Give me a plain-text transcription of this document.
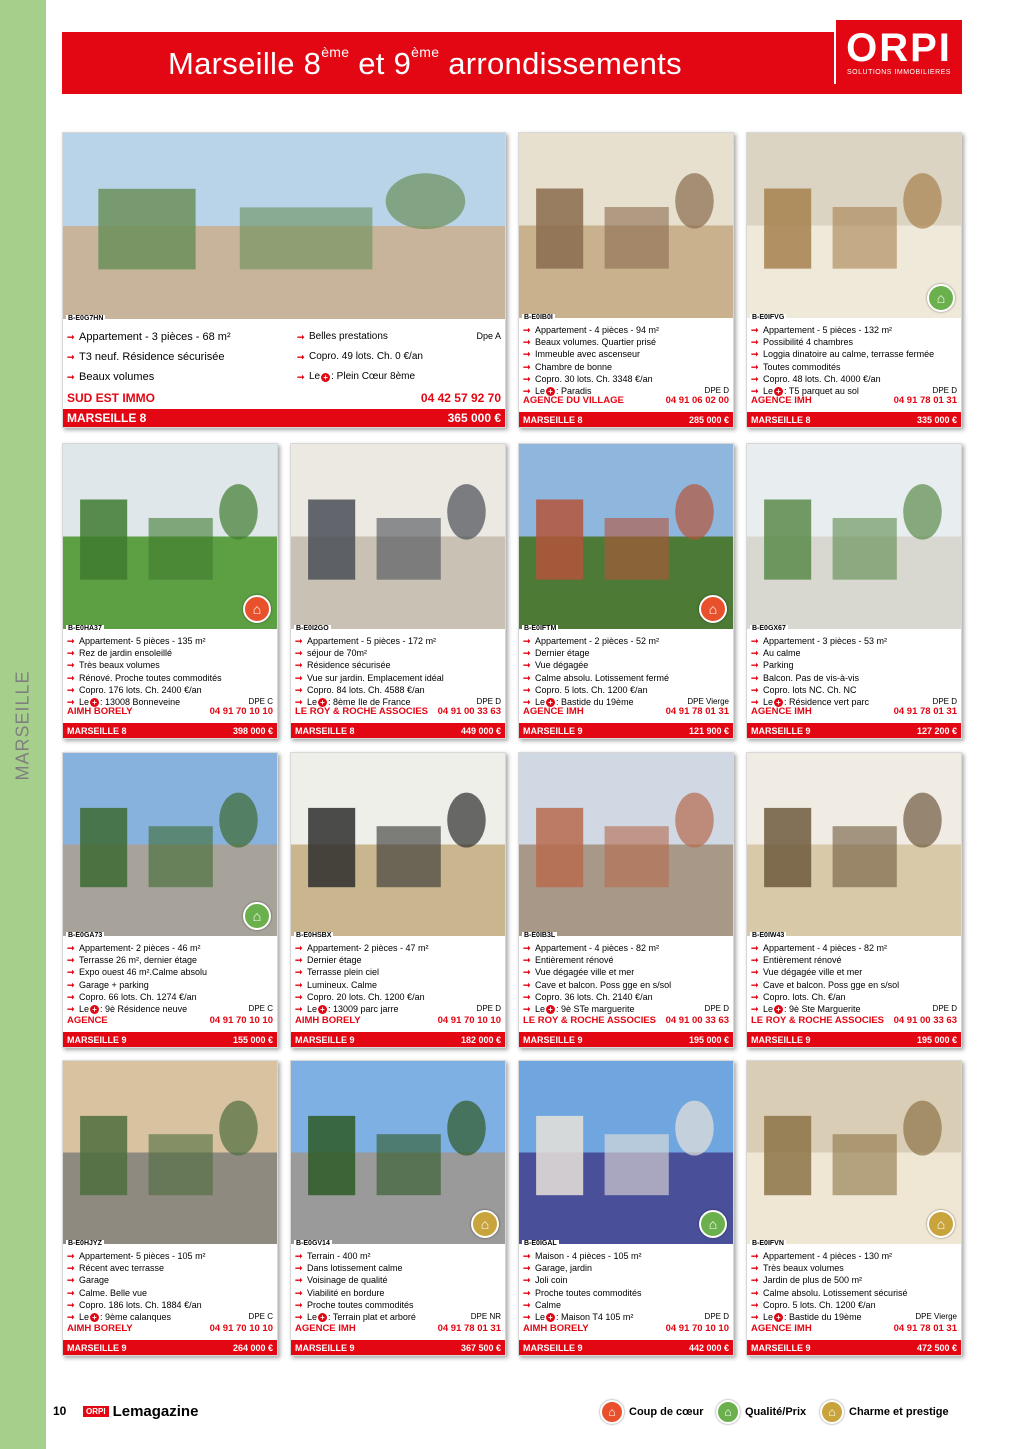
MARSEILLE
Marseille 8ème et 9ème arrondissements	ORPI
SOLUTIONS IMMOBILIERES
B-E0G7HN
➞ Appartement - 3 pièces - 68 m²
➞ T3 neuf. Résidence sécurisée
➞ Beaux volumes
➞ Belles prestations
➞ Copro. 49 lots. Ch. 0 €/an
➞ Le + : Plein Cœur 8ème
Dpe A
SUD EST IMMO	04 42 57 92 70
MARSEILLE 8	365 000 €
B-E0IB0I
➞ Appartement - 4 pièces - 94 m²
➞ Beaux volumes. Quartier prisé
➞ Immeuble avec ascenseur
➞ Chambre de bonne
➞ Copro. 30 lots. Ch. 3348 €/an
➞ Le + : Paradis	DPE D
AGENCE DU VILLAGE	04 91 06 02 00
MARSEILLE 8	285 000 €
B-E0IFVG
⌂
➞ Appartement - 5 pièces - 132 m²
➞ Possibilité 4 chambres
➞ Loggia dinatoire au calme, terrasse fermée
➞ Toutes commodités
➞ Copro. 48 lots. Ch. 4000 €/an
➞ Le + : T5 parquet au sol	DPE D
AGENCE IMH	04 91 78 01 31
MARSEILLE 8	335 000 €
B-E0HA37
⌂
➞ Appartement- 5 pièces - 135 m²
➞ Rez de jardin ensoleillé
➞ Très beaux volumes
➞ Rénové. Proche toutes commodités
➞ Copro. 176 lots. Ch. 2400 €/an
➞ Le + : 13008 Bonneveine	DPE C
AIMH BORELY	04 91 70 10 10
MARSEILLE 8	398 000 €
B-E0I2GO
➞ Appartement - 5 pièces - 172 m²
➞ séjour de 70m²
➞ Résidence sécurisée
➞ Vue sur jardin. Emplacement idéal
➞ Copro. 84 lots. Ch. 4588 €/an
➞ Le + : 8ème Ile de France	DPE D
LE ROY & ROCHE ASSOCIES 04 91 00 33 63
MARSEILLE 8	449 000 €
B-E0IFTM
⌂
➞ Appartement - 2 pièces - 52 m²
➞ Dernier étage
➞ Vue dégagée
➞ Calme absolu. Lotissement fermé
➞ Copro. 5 lots. Ch. 1200 €/an
➞ Le + : Bastide du 19ème	DPE Vierge
AGENCE IMH	04 91 78 01 31
MARSEILLE 9	121 900 €
B-E0GX67
➞ Appartement - 3 pièces - 53 m²
➞ Au calme
➞ Parking
➞ Balcon. Pas de vis-à-vis
➞ Copro. lots NC. Ch. NC
➞ Le + : Résidence vert parc	DPE D
AGENCE IMH	04 91 78 01 31
MARSEILLE 9	127 200 €
B-E0GA73
⌂
➞ Appartement- 2 pièces - 46 m²
➞ Terrasse 26 m², dernier étage
➞ Expo ouest 46 m².Calme absolu
➞ Garage + parking
➞ Copro. 66 lots. Ch. 1274 €/an
➞ Le + : 9è Résidence neuve	DPE C
AGENCE	04 91 70 10 10
MARSEILLE 9	155 000 €
B-E0HSBX
➞ Appartement- 2 pièces - 47 m²
➞ Dernier étage
➞ Terrasse plein ciel
➞ Lumineux. Calme
➞ Copro. 20 lots. Ch. 1200 €/an
➞ Le + : 13009 parc jarre	DPE D
AIMH BORELY	04 91 70 10 10
MARSEILLE 9	182 000 €
B-E0IB3L
➞ Appartement - 4 pièces - 82 m²
➞ Entièrement rénové
➞ Vue dégagée ville et mer
➞ Cave et balcon. Poss gge en s/sol
➞ Copro. 36 lots. Ch. 2140 €/an
➞ Le + : 9è STe marguerite	DPE D
LE ROY & ROCHE ASSOCIES 04 91 00 33 63
MARSEILLE 9	195 000 €
B-E0IW43
➞ Appartement - 4 pièces - 82 m²
➞ Entièrement rénové
➞ Vue dégagée ville et mer
➞ Cave et balcon. Poss gge en s/sol
➞ Copro. lots. Ch. €/an
➞ Le + : 9è Ste Marguerite	DPE D
LE ROY & ROCHE ASSOCIES 04 91 00 33 63
MARSEILLE 9	195 000 €
B-E0HJYZ
➞ Appartement- 5 pièces - 105 m²
➞ Récent avec terrasse
➞ Garage
➞ Calme. Belle vue
➞ Copro. 186 lots. Ch. 1884 €/an
➞ Le + : 9ème calanques	DPE C
AIMH BORELY	04 91 70 10 10
MARSEILLE 9	264 000 €
B-E0GV14
⌂
➞ Terrain - 400 m²
➞ Dans lotissement calme
➞ Voisinage de qualité
➞ Viabilité en bordure
➞ Proche toutes commodités
➞ Le + : Terrain plat et arboré	DPE NR
AGENCE IMH	04 91 78 01 31
MARSEILLE 9	367 500 €
B-E0IGAL
⌂
➞ Maison - 4 pièces - 105 m²
➞ Garage, jardin
➞ Joli coin
➞ Proche toutes commodités
➞ Calme
➞ Le + : Maison T4 105 m²	DPE D
AIMH BORELY	04 91 70 10 10
MARSEILLE 9	442 000 €
B-E0IFVN
⌂
➞ Appartement - 4 pièces - 130 m²
➞ Très beaux volumes
➞ Jardin de plus de 500 m²
➞ Calme absolu. Lotissement sécurisé
➞ Copro. 5 lots. Ch. 1200 €/an
➞ Le + : Bastide du 19ème	DPE Vierge
AGENCE IMH	04 91 78 01 31
MARSEILLE 9	472 500 €
10	ORPI Lemagazine	⌂	Coup de cœur	⌂	Qualité/Prix	⌂	Charme et prestige
